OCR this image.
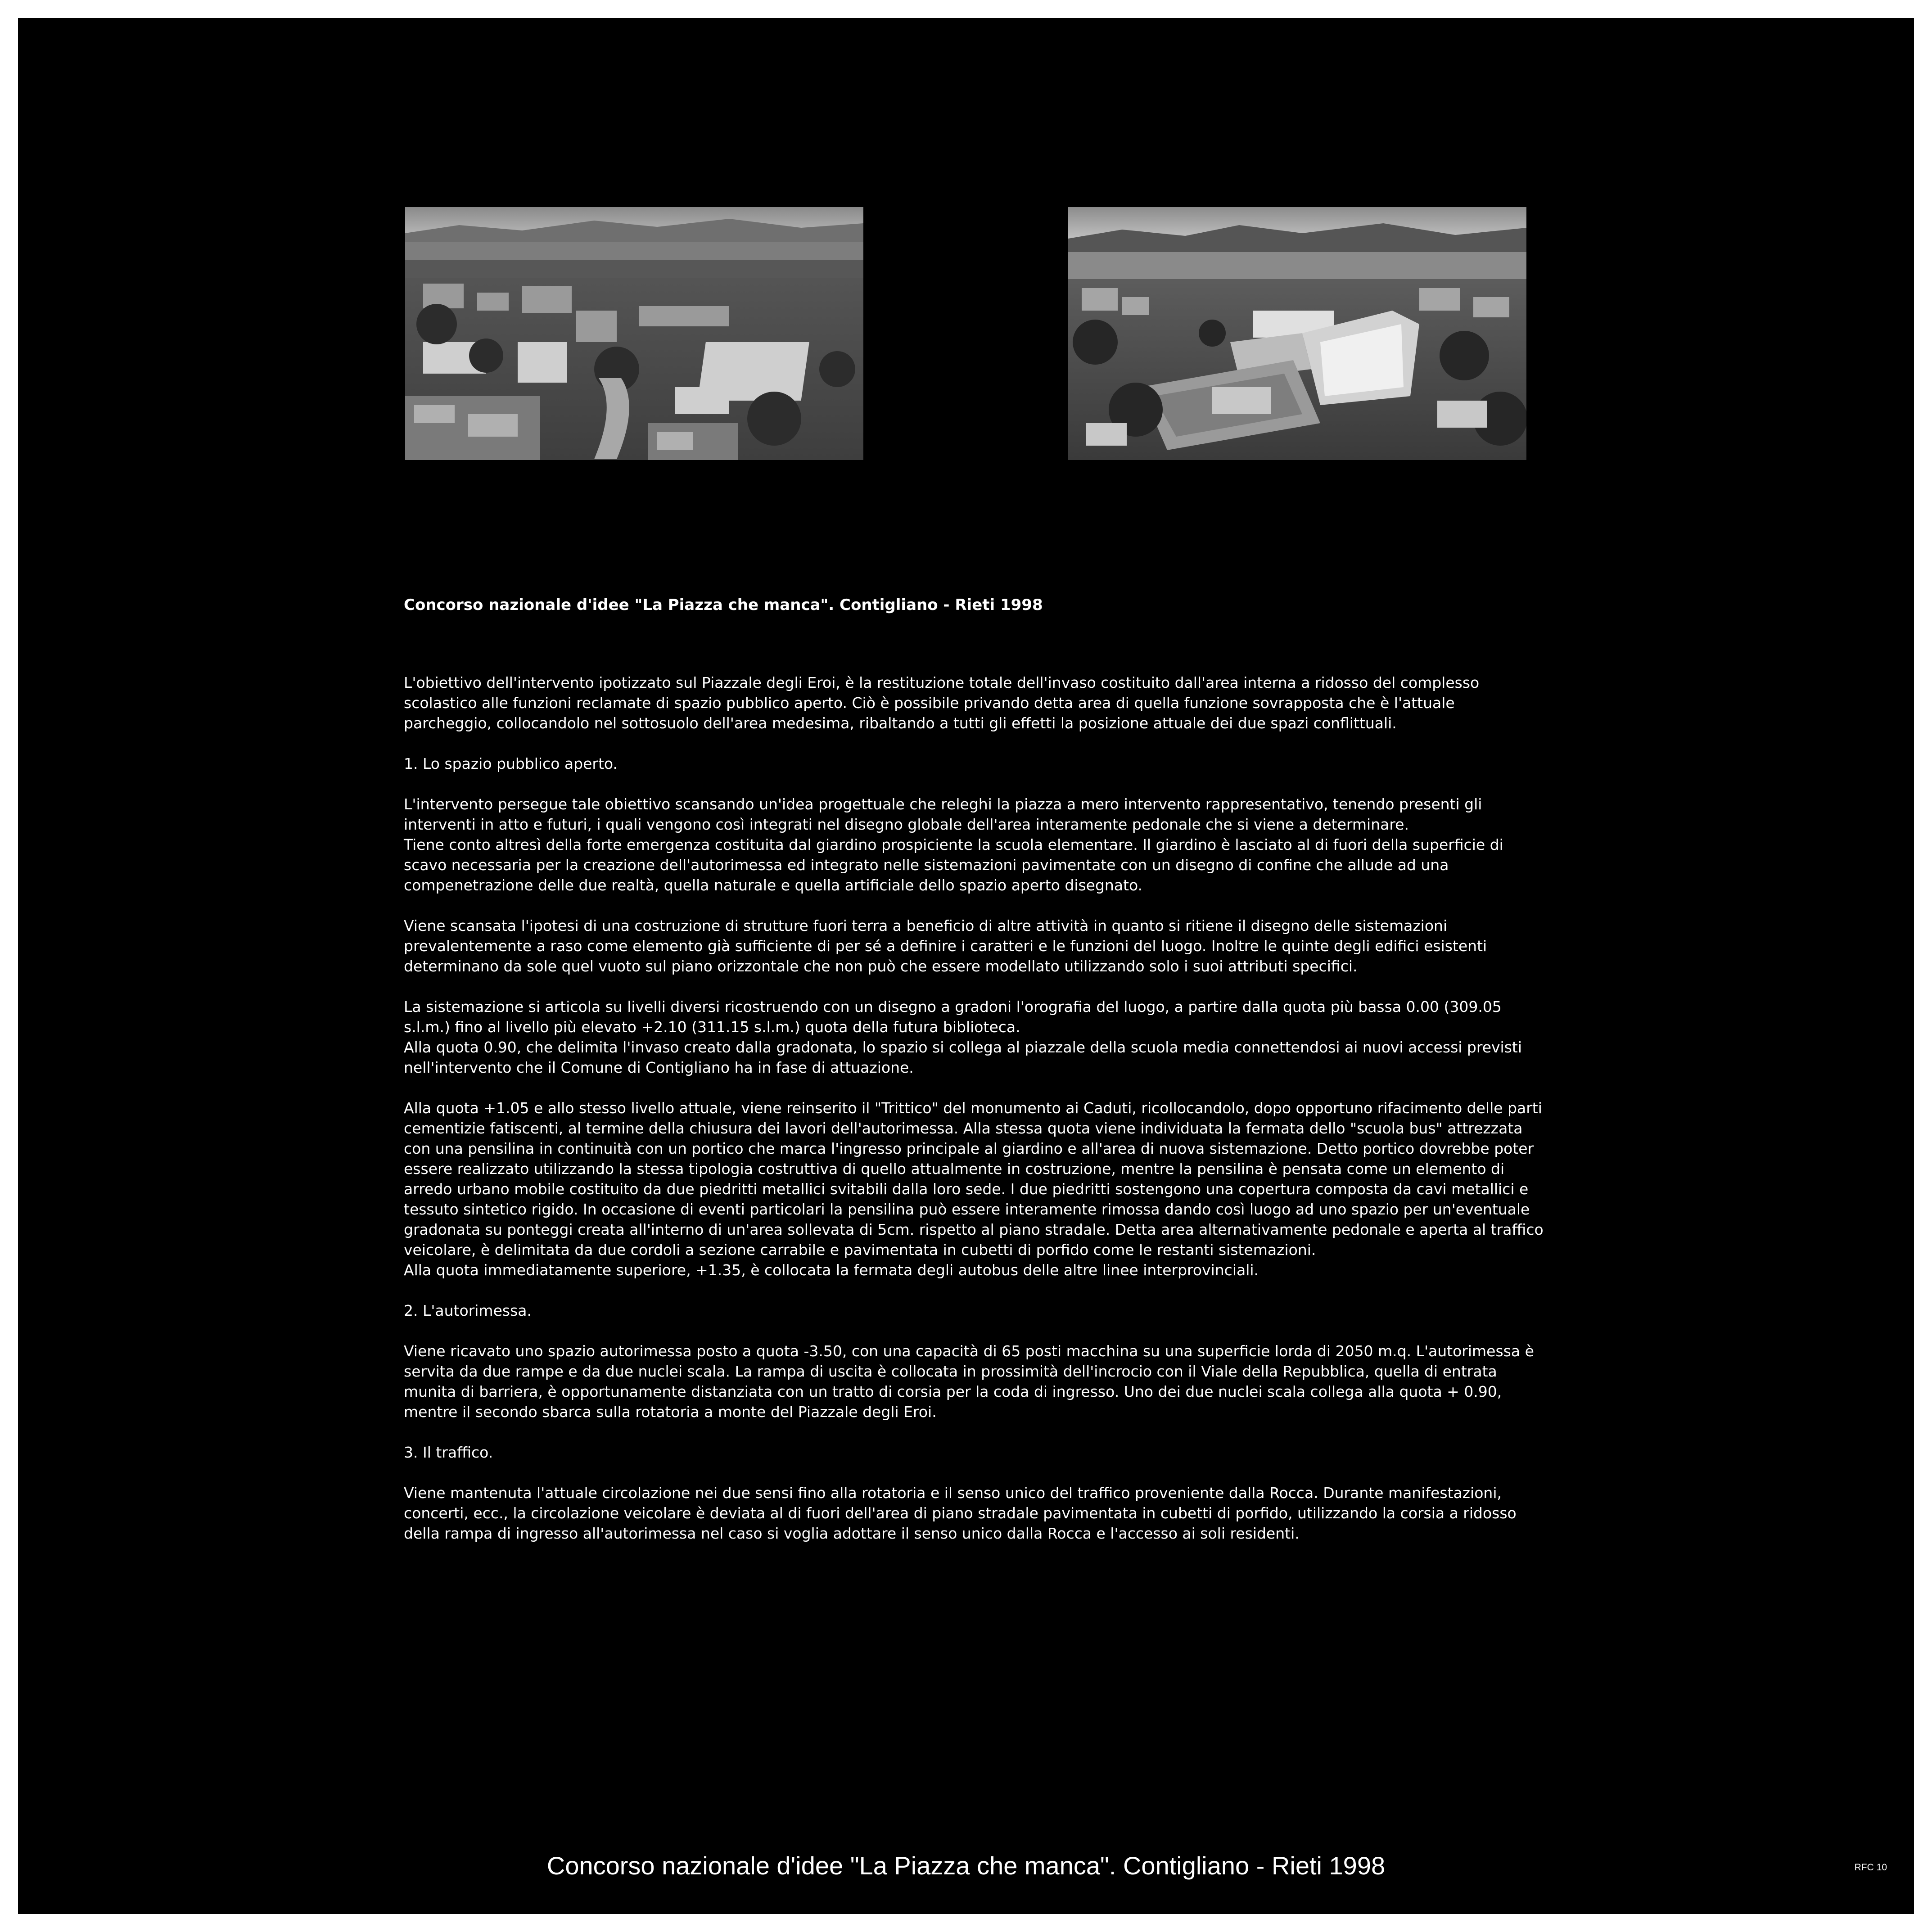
Concorso nazionale d'idee "La Piazza che manca". Contigliano - Rieti 1998

L'obiettivo dell'intervento ipotizzato sul Piazzale degli Eroi, è la restituzione totale dell'invaso costituito dall'area interna a ridosso del complesso scolastico alle funzioni reclamate di spazio pubblico aperto. Ciò è possibile privando detta area di quella funzione sovrapposta che è l'attuale parcheggio, collocandolo nel sottosuolo dell'area medesima, ribaltando a tutti gli effetti la posizione attuale dei due spazi conflittuali.

1. Lo spazio pubblico aperto.

L'intervento persegue tale obiettivo scansando un'idea progettuale che releghi la piazza a mero intervento rappresentativo, tenendo presenti gli interventi in atto e futuri, i quali vengono così integrati nel disegno globale dell'area interamente pedonale che si viene a determinare.

Tiene conto altresì della forte emergenza costituita dal giardino prospiciente la scuola elementare. Il giardino è lasciato al di fuori della superficie di scavo necessaria per la creazione dell'autorimessa ed integrato nelle sistemazioni pavimentate con un disegno di confine che allude ad una compenetrazione delle due realtà, quella naturale e quella artificiale dello spazio aperto disegnato.

Viene scansata l'ipotesi di una costruzione di strutture fuori terra a beneficio di altre attività in quanto si ritiene il disegno delle sistemazioni prevalentemente a raso come elemento già sufficiente di per sé a definire i caratteri e le funzioni del luogo. Inoltre le quinte degli edifici esistenti determinano da sole quel vuoto sul piano orizzontale che non può che essere modellato utilizzando solo i suoi attributi specifici.

La sistemazione si articola su livelli diversi ricostruendo con un disegno a gradoni l'orografia del luogo, a partire dalla quota più bassa 0.00 (309.05 s.l.m.) fino al livello più elevato +2.10 (311.15 s.l.m.) quota della futura biblioteca.

Alla quota 0.90, che delimita l'invaso creato dalla gradonata, lo spazio si collega al piazzale della scuola media connettendosi ai nuovi accessi previsti nell'intervento che il Comune di Contigliano ha in fase di attuazione.

Alla quota +1.05 e allo stesso livello attuale, viene reinserito il "Trittico" del monumento ai Caduti, ricollocandolo, dopo opportuno rifacimento delle parti cementizie fatiscenti, al termine della chiusura dei lavori dell'autorimessa. Alla stessa quota viene individuata la fermata dello "scuola bus" attrezzata con una pensilina in continuità con un portico che marca l'ingresso principale al giardino e all'area di nuova sistemazione. Detto portico dovrebbe poter essere realizzato utilizzando la stessa tipologia costruttiva di quello attualmente in costruzione, mentre la pensilina è pensata come un elemento di arredo urbano mobile costituito da due piedritti metallici svitabili dalla loro sede. I due piedritti sostengono una copertura composta da cavi metallici e tessuto sintetico rigido. In occasione di eventi particolari la pensilina può essere interamente rimossa dando così luogo ad uno spazio per un'eventuale gradonata su ponteggi creata all'interno di un'area sollevata di 5cm. rispetto al piano stradale. Detta area alternativamente pedonale e aperta al traffico veicolare, è delimitata da due cordoli a sezione carrabile e pavimentata in cubetti di porfido come le restanti sistemazioni.

Alla quota immediatamente superiore, +1.35, è collocata la fermata degli autobus delle altre linee interprovinciali.

2. L'autorimessa.

Viene ricavato uno spazio autorimessa posto a quota -3.50, con una capacità di 65 posti macchina su una superficie lorda di 2050 m.q. L'autorimessa è servita da due rampe e da due nuclei scala. La rampa di uscita è collocata in prossimità dell'incrocio con il Viale della Repubblica, quella di entrata munita di barriera, è opportunamente distanziata con un tratto di corsia per la coda di ingresso. Uno dei due nuclei scala collega alla quota + 0.90, mentre il secondo sbarca sulla rotatoria a monte del Piazzale degli Eroi.

3. Il traffico.

Viene mantenuta l'attuale circolazione nei due sensi fino alla rotatoria e il senso unico del traffico proveniente dalla Rocca. Durante manifestazioni, concerti, ecc., la circolazione veicolare è deviata al di fuori dell'area di piano stradale pavimentata in cubetti di porfido, utilizzando la corsia a ridosso della rampa di ingresso all'autorimessa nel caso si voglia adottare il senso unico dalla Rocca e l'accesso ai soli residenti.

Concorso nazionale d'idee "La Piazza che manca". Contigliano - Rieti 1998	RFC 10
